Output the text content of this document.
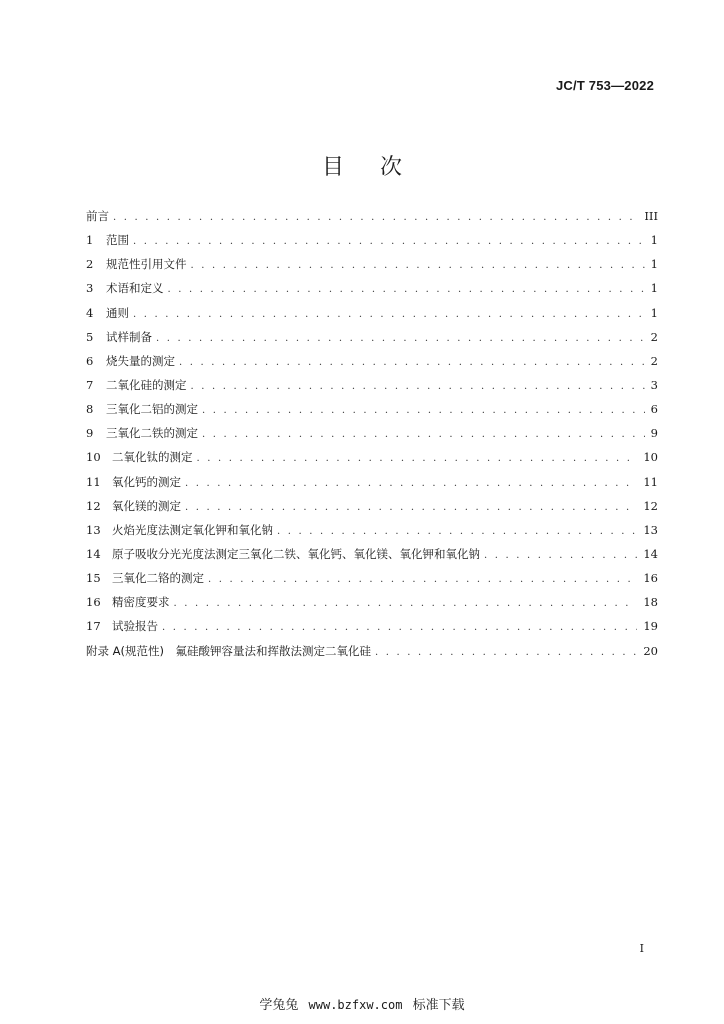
JC/T 753—2022
目次
前言 . . .	III
1	范围 . . .	1
2	规范性引用文件 . . .	1
3	术语和定义 . . .	1
4	通则 . . .	1
5	试样制备 . . .	2
6	烧失量的测定 . . .	2
7	二氧化硅的测定 . . .	3
8	三氧化二铝的测定 . . .	6
9	三氧化二铁的测定 . . .	9
10 二氧化钛的测定 . . .	10
11 氧化钙的测定 . . .	11
12 氧化镁的测定 . . .	12
13 火焰光度法测定氧化钾和氧化钠 . . .	13
14 原子吸收分光光度法测定三氧化二铁、氧化钙、氧化镁、氧化钾和氧化钠 . . .	14
15 三氧化二铬的测定 . . .	16
16 精密度要求 . . .	18
17 试验报告 . . .	19
附录 A(规范性)　氟硅酸钾容量法和挥散法测定二氧化硅 . . .	20
I
学兔兔 www.bzfxw.com 标准下载
